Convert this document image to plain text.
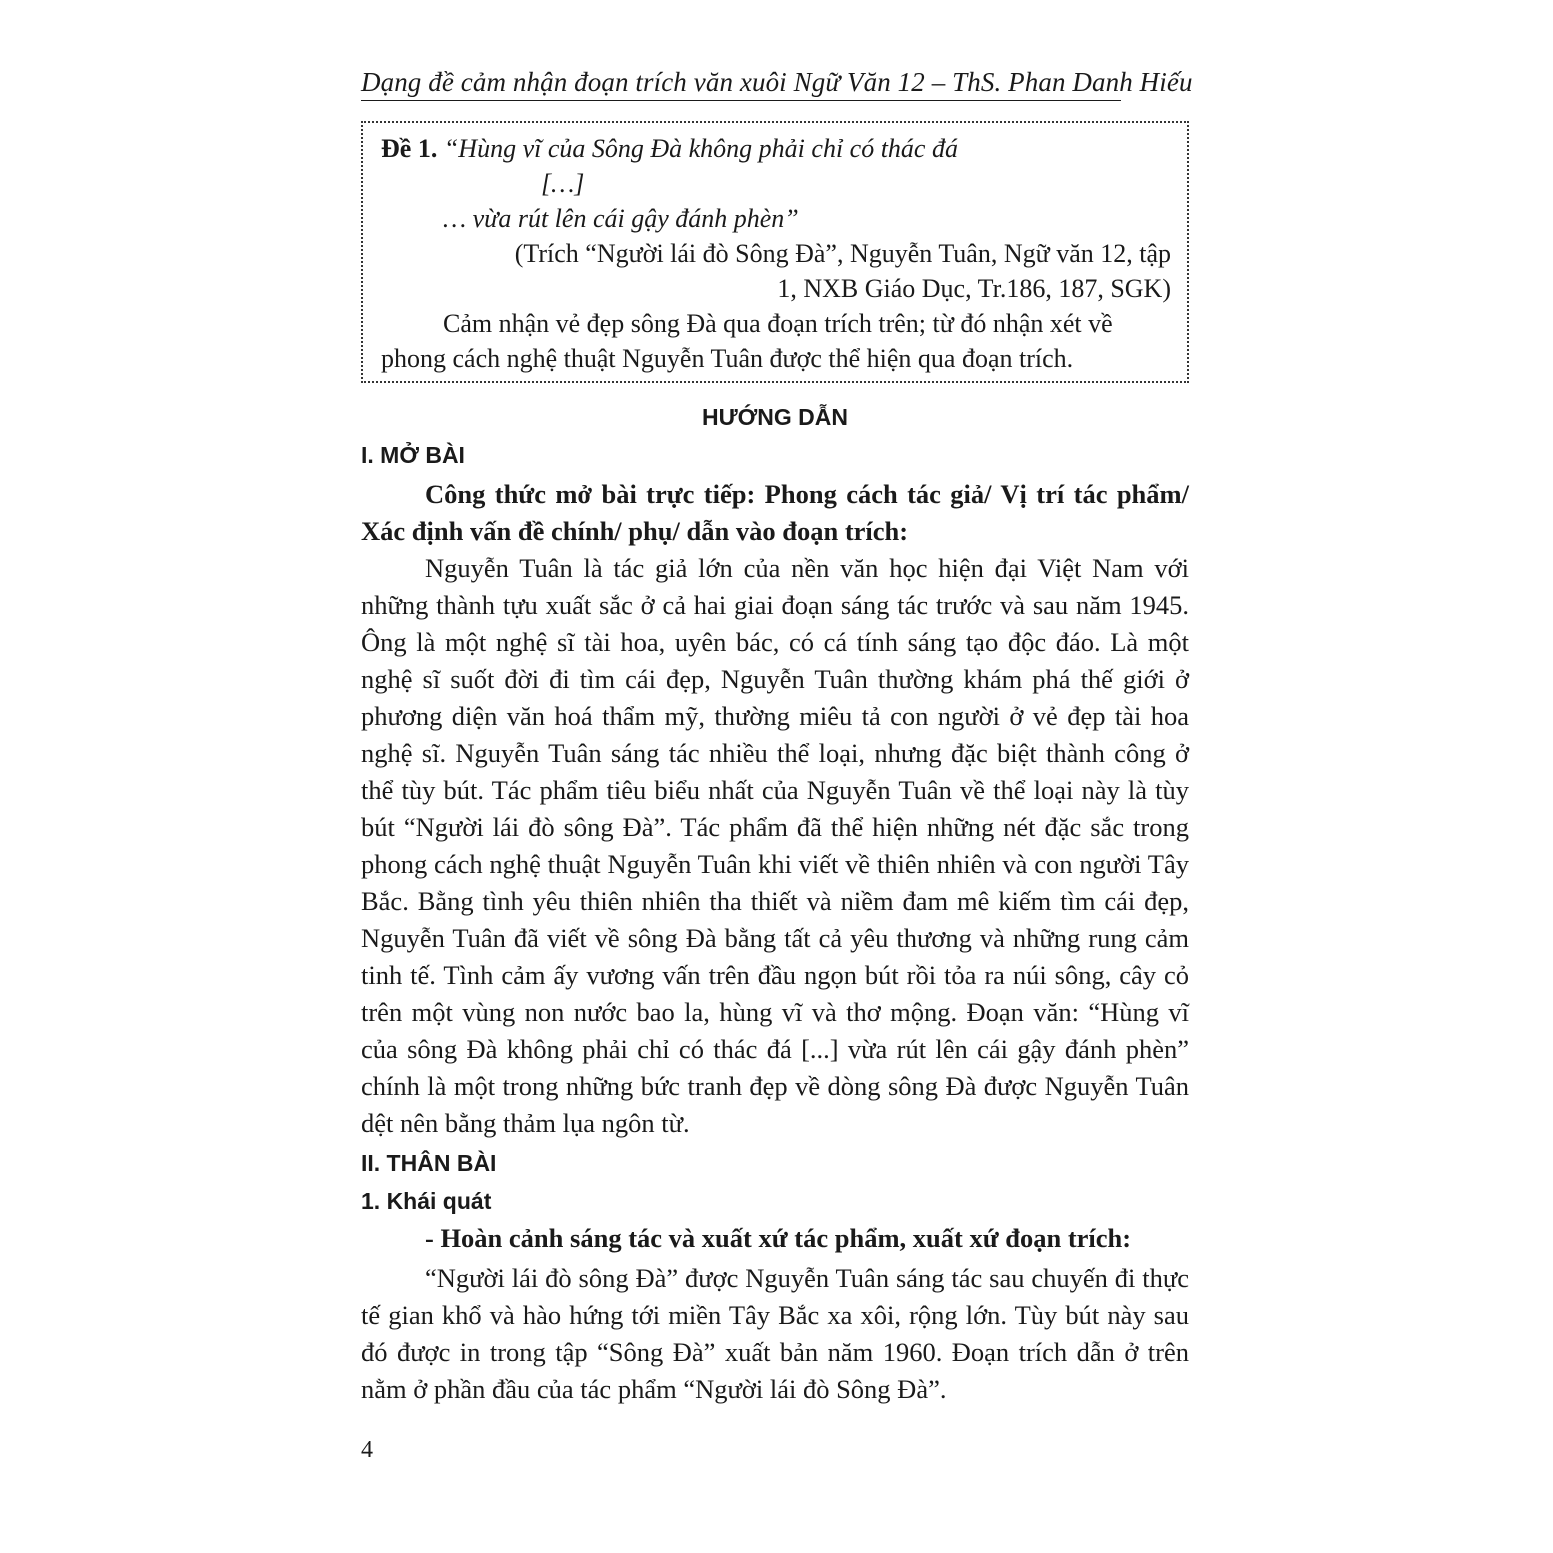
Dạng đề cảm nhận đoạn trích văn xuôi Ngữ Văn 12 – ThS. Phan Danh Hiếu
Đề 1. “Hùng vĩ của Sông Đà không phải chỉ có thác đá
[…]
… vừa rút lên cái gậy đánh phèn”
(Trích “Người lái đò Sông Đà”, Nguyễn Tuân, Ngữ văn 12, tập
1, NXB Giáo Dục, Tr.186, 187, SGK)
Cảm nhận vẻ đẹp sông Đà qua đoạn trích trên; từ đó nhận xét về
phong cách nghệ thuật Nguyễn Tuân được thể hiện qua đoạn trích.
HƯỚNG DẪN
I. MỞ BÀI

Công thức mở bài trực tiếp: Phong cách tác giả/ Vị trí tác phẩm/ Xác định vấn đề chính/ phụ/ dẫn vào đoạn trích:

Nguyễn Tuân là tác giả lớn của nền văn học hiện đại Việt Nam với những thành tựu xuất sắc ở cả hai giai đoạn sáng tác trước và sau năm 1945. Ông là một nghệ sĩ tài hoa, uyên bác, có cá tính sáng tạo độc đáo. Là một nghệ sĩ suốt đời đi tìm cái đẹp, Nguyễn Tuân thường khám phá thế giới ở phương diện văn hoá thẩm mỹ, thường miêu tả con người ở vẻ đẹp tài hoa nghệ sĩ. Nguyễn Tuân sáng tác nhiều thể loại, nhưng đặc biệt thành công ở thể tùy bút. Tác phẩm tiêu biểu nhất của Nguyễn Tuân về thể loại này là tùy bút “Người lái đò sông Đà”. Tác phẩm đã thể hiện những nét đặc sắc trong phong cách nghệ thuật Nguyễn Tuân khi viết về thiên nhiên và con người Tây Bắc. Bằng tình yêu thiên nhiên tha thiết và niềm đam mê kiếm tìm cái đẹp, Nguyễn Tuân đã viết về sông Đà bằng tất cả yêu thương và những rung cảm tinh tế. Tình cảm ấy vương vấn trên đầu ngọn bút rồi tỏa ra núi sông, cây cỏ trên một vùng non nước bao la, hùng vĩ và thơ mộng. Đoạn văn: “Hùng vĩ của sông Đà không phải chỉ có thác đá [...] vừa rút lên cái gậy đánh phèn” chính là một trong những bức tranh đẹp về dòng sông Đà được Nguyễn Tuân dệt nên bằng thảm lụa ngôn từ.

II. THÂN BÀI
1. Khái quát

- Hoàn cảnh sáng tác và xuất xứ tác phẩm, xuất xứ đoạn trích:

“Người lái đò sông Đà” được Nguyễn Tuân sáng tác sau chuyến đi thực tế gian khổ và hào hứng tới miền Tây Bắc xa xôi, rộng lớn. Tùy bút này sau đó được in trong tập “Sông Đà” xuất bản năm 1960. Đoạn trích dẫn ở trên nằm ở phần đầu của tác phẩm “Người lái đò Sông Đà”.

4
